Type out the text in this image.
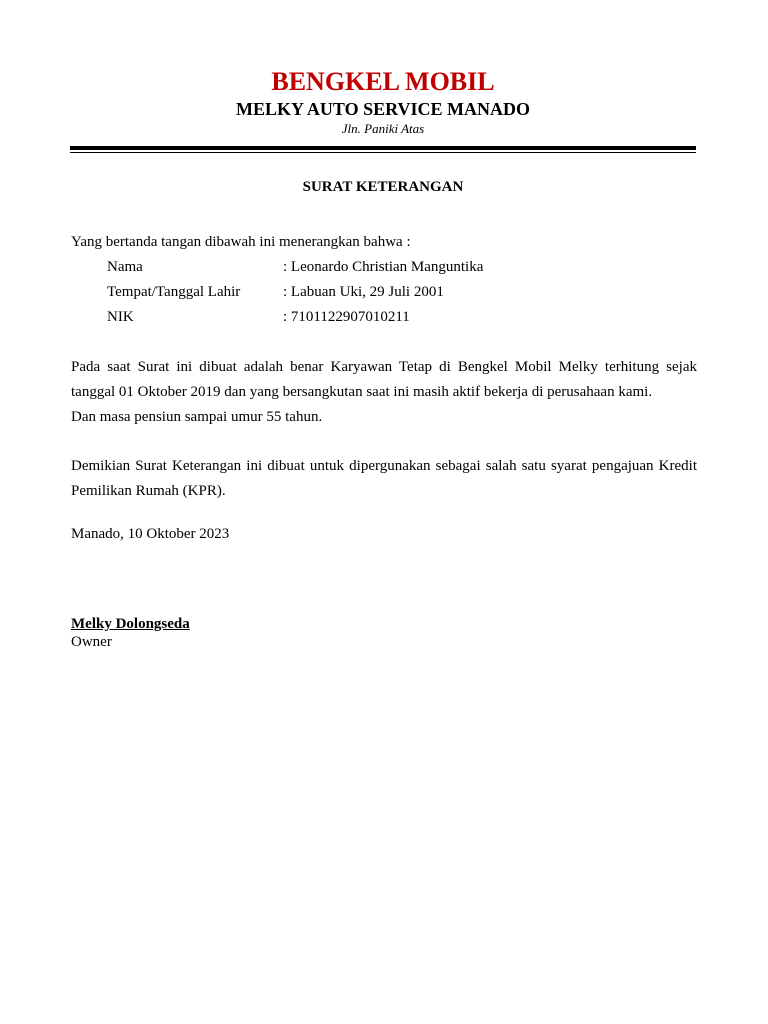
BENGKEL MOBIL
MELKY AUTO SERVICE MANADO
Jln. Paniki Atas
SURAT KETERANGAN
Yang bertanda tangan dibawah ini menerangkan bahwa :
Nama	: Leonardo Christian Manguntika
Tempat/Tanggal Lahir	: Labuan Uki, 29 Juli 2001
NIK	: 7101122907010211
Pada saat Surat ini dibuat adalah benar Karyawan Tetap di Bengkel Mobil Melky terhitung sejak
tanggal 01 Oktober 2019 dan yang bersangkutan saat ini masih aktif bekerja di perusahaan kami.
Dan masa pensiun sampai umur 55 tahun.
Demikian Surat Keterangan ini dibuat untuk dipergunakan sebagai salah satu syarat pengajuan Kredit
Pemilikan Rumah (KPR).
Manado, 10 Oktober 2023
Melky Dolongseda
Owner
